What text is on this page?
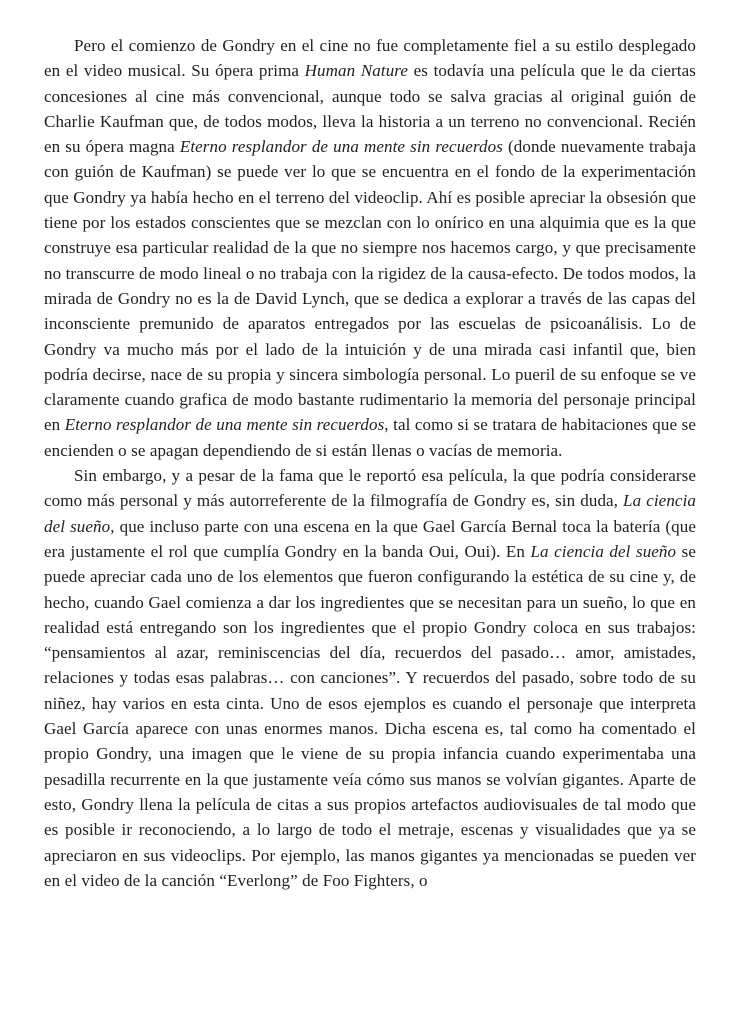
Pero el comienzo de Gondry en el cine no fue completamente fiel a su estilo desplegado en el video musical. Su ópera prima Human Nature es todavía una película que le da ciertas concesiones al cine más convencional, aunque todo se salva gracias al original guión de Charlie Kaufman que, de todos modos, lleva la historia a un terreno no convencional. Recién en su ópera magna Eterno resplandor de una mente sin recuerdos (donde nuevamente trabaja con guión de Kaufman) se puede ver lo que se encuentra en el fondo de la experimentación que Gondry ya había hecho en el terreno del videoclip. Ahí es posible apreciar la obsesión que tiene por los estados conscientes que se mezclan con lo onírico en una alquimia que es la que construye esa particular realidad de la que no siempre nos hacemos cargo, y que precisamente no transcurre de modo lineal o no trabaja con la rigidez de la causa-efecto. De todos modos, la mirada de Gondry no es la de David Lynch, que se dedica a explorar a través de las capas del inconsciente premunido de aparatos entregados por las escuelas de psicoanálisis. Lo de Gondry va mucho más por el lado de la intuición y de una mirada casi infantil que, bien podría decirse, nace de su propia y sincera simbología personal. Lo pueril de su enfoque se ve claramente cuando grafica de modo bastante rudimentario la memoria del personaje principal en Eterno resplandor de una mente sin recuerdos, tal como si se tratara de habitaciones que se encienden o se apagan dependiendo de si están llenas o vacías de memoria.

Sin embargo, y a pesar de la fama que le reportó esa película, la que podría considerarse como más personal y más autorreferente de la filmografía de Gondry es, sin duda, La ciencia del sueño, que incluso parte con una escena en la que Gael García Bernal toca la batería (que era justamente el rol que cumplía Gondry en la banda Oui, Oui). En La ciencia del sueño se puede apreciar cada uno de los elementos que fueron configurando la estética de su cine y, de hecho, cuando Gael comienza a dar los ingredientes que se necesitan para un sueño, lo que en realidad está entregando son los ingredientes que el propio Gondry coloca en sus trabajos: “pensamientos al azar, reminiscencias del día, recuerdos del pasado… amor, amistades, relaciones y todas esas palabras… con canciones”. Y recuerdos del pasado, sobre todo de su niñez, hay varios en esta cinta. Uno de esos ejemplos es cuando el personaje que interpreta Gael García aparece con unas enormes manos. Dicha escena es, tal como ha comentado el propio Gondry, una imagen que le viene de su propia infancia cuando experimentaba una pesadilla recurrente en la que justamente veía cómo sus manos se volvían gigantes. Aparte de esto, Gondry llena la película de citas a sus propios artefactos audiovisuales de tal modo que es posible ir reconociendo, a lo largo de todo el metraje, escenas y visualidades que ya se apreciaron en sus videoclips. Por ejemplo, las manos gigantes ya mencionadas se pueden ver en el video de la canción “Everlong” de Foo Fighters, o
